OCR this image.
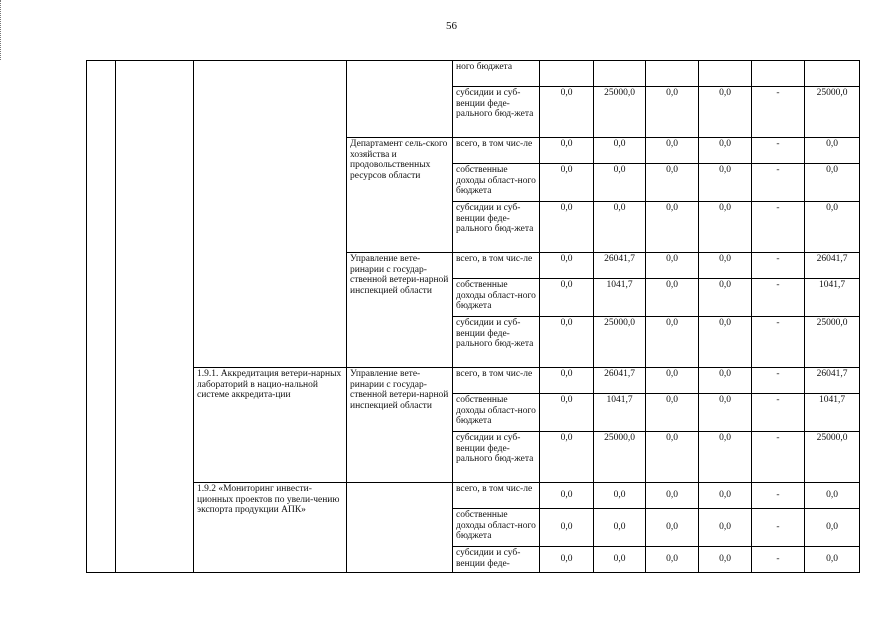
56
				ного бюджета						
				субсидии и суб-венции феде-рального бюд-жета	0,0	25000,0	0,0	0,0	-	25000,0
			Департамент сель-ского хозяйства и продовольственных ресурсов области	всего, в том чис-ле	0,0	0,0	0,0	0,0	-	0,0
				собственные доходы област-ного бюджета	0,0	0,0	0,0	0,0	-	0,0
				субсидии и суб-венции феде-рального бюд-жета	0,0	0,0	0,0	0,0	-	0,0
			Управление вете-ринарии с государ-ственной ветери-нарной инспекцией области	всего, в том чис-ле	0,0	26041,7	0,0	0,0	-	26041,7
				собственные доходы област-ного бюджета	0,0	1041,7	0,0	0,0	-	1041,7
				субсидии и суб-венции феде-рального бюд-жета	0,0	25000,0	0,0	0,0	-	25000,0
		1.9.1. Аккредитация ветери-нарных лабораторий в нацио-нальной системе аккредита-ции	Управление вете-ринарии с государ-ственной ветери-нарной инспекцией области	всего, в том чис-ле	0,0	26041,7	0,0	0,0	-	26041,7
				собственные доходы област-ного бюджета	0,0	1041,7	0,0	0,0	-	1041,7
				субсидии и суб-венции феде-рального бюд-жета	0,0	25000,0	0,0	0,0	-	25000,0
		1.9.2 «Мониторинг инвести-ционных проектов по увели-чению экспорта продукции АПК»		всего, в том чис-ле	0,0	0,0	0,0	0,0	-	0,0
				собственные доходы област-ного бюджета	0,0	0,0	0,0	0,0	-	0,0
				субсидии и суб-венции феде-	0,0	0,0	0,0	0,0	-	0,0
